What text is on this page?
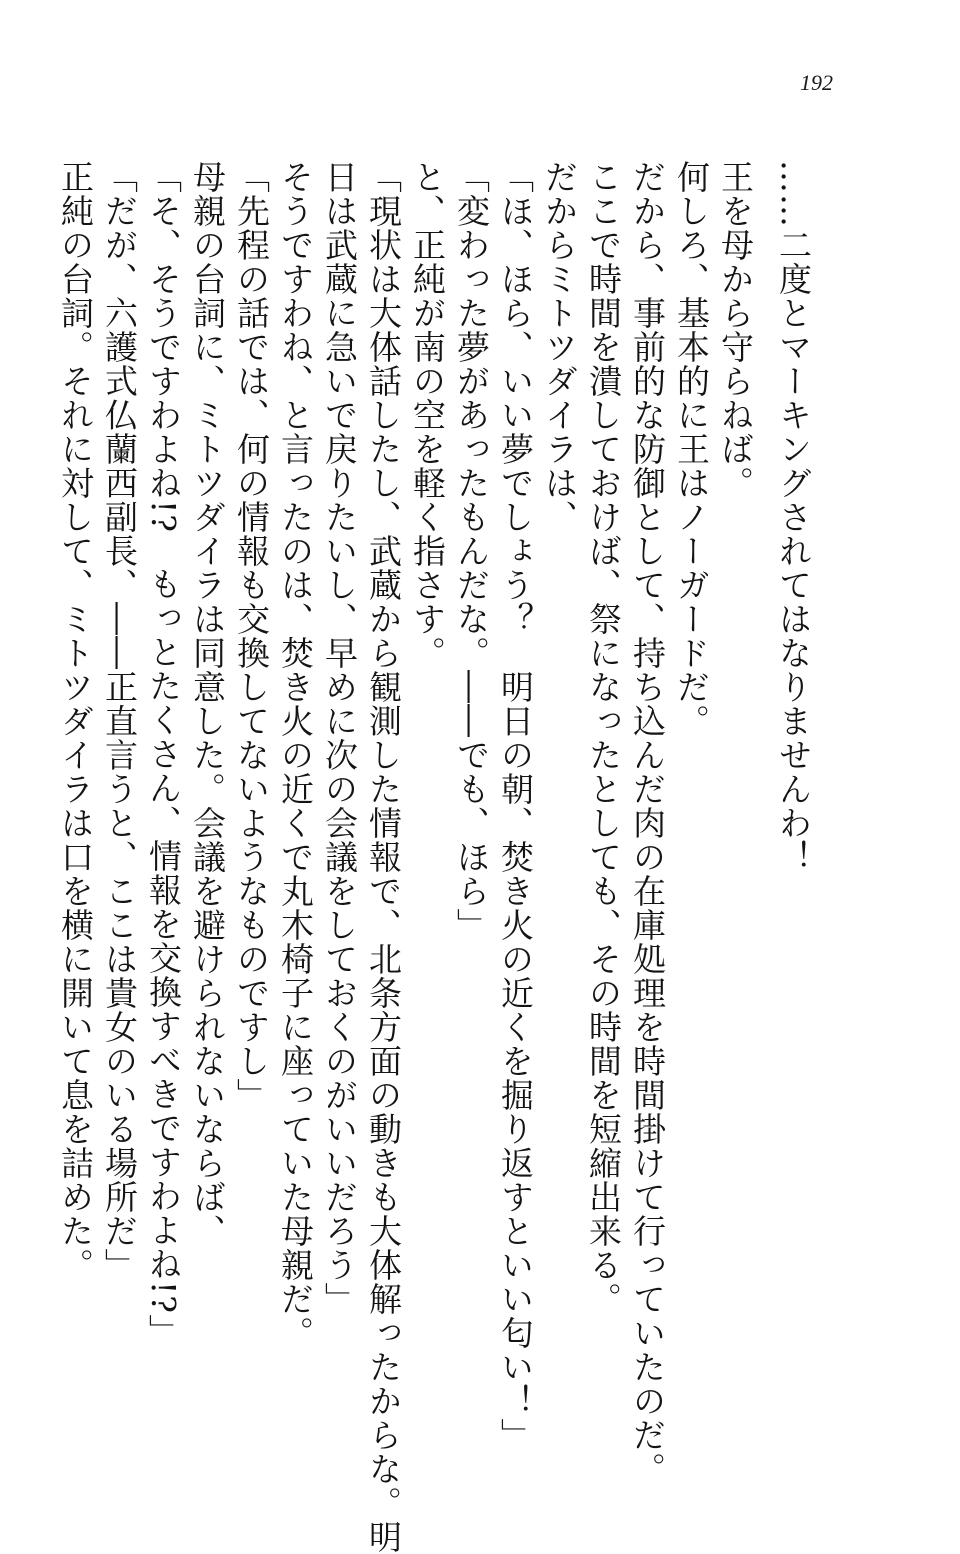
192
……二度とマーキングされてはなりませんわ！
王を母から守らねば。
何しろ、基本的に王はノーガードだ。
だから、事前的な防御として、持ち込んだ肉の在庫処理を時間掛けて行っていたのだ。
ここで時間を潰しておけば、祭になったとしても、その時間を短縮出来る。
だからミトツダイラは、
「ほ、ほら、いい夢でしょう？　明日の朝、焚き火の近くを掘り返すといい匂い！」
「変わった夢があったもんだな。――でも、ほら」
と、正純が南の空を軽く指さす。
「現状は大体話したし、武蔵から観測した情報で、北条方面の動きも大体解ったからな。明
日は武蔵に急いで戻りたいし、早めに次の会議をしておくのがいいだろう」
そうですわね、と言ったのは、焚き火の近くで丸木椅子に座っていた母親だ。
「先程の話では、何の情報も交換してないようなものですし」
母親の台詞に、ミトツダイラは同意した。会議を避けられないならば、
「そ、そうですわよね!?　もっとたくさん、情報を交換すべきですわよね!?」
「だが、六護式仏蘭西副長、――正直言うと、ここは貴女のいる場所だ」
正純の台詞。それに対して、ミトツダイラは口を横に開いて息を詰めた。
